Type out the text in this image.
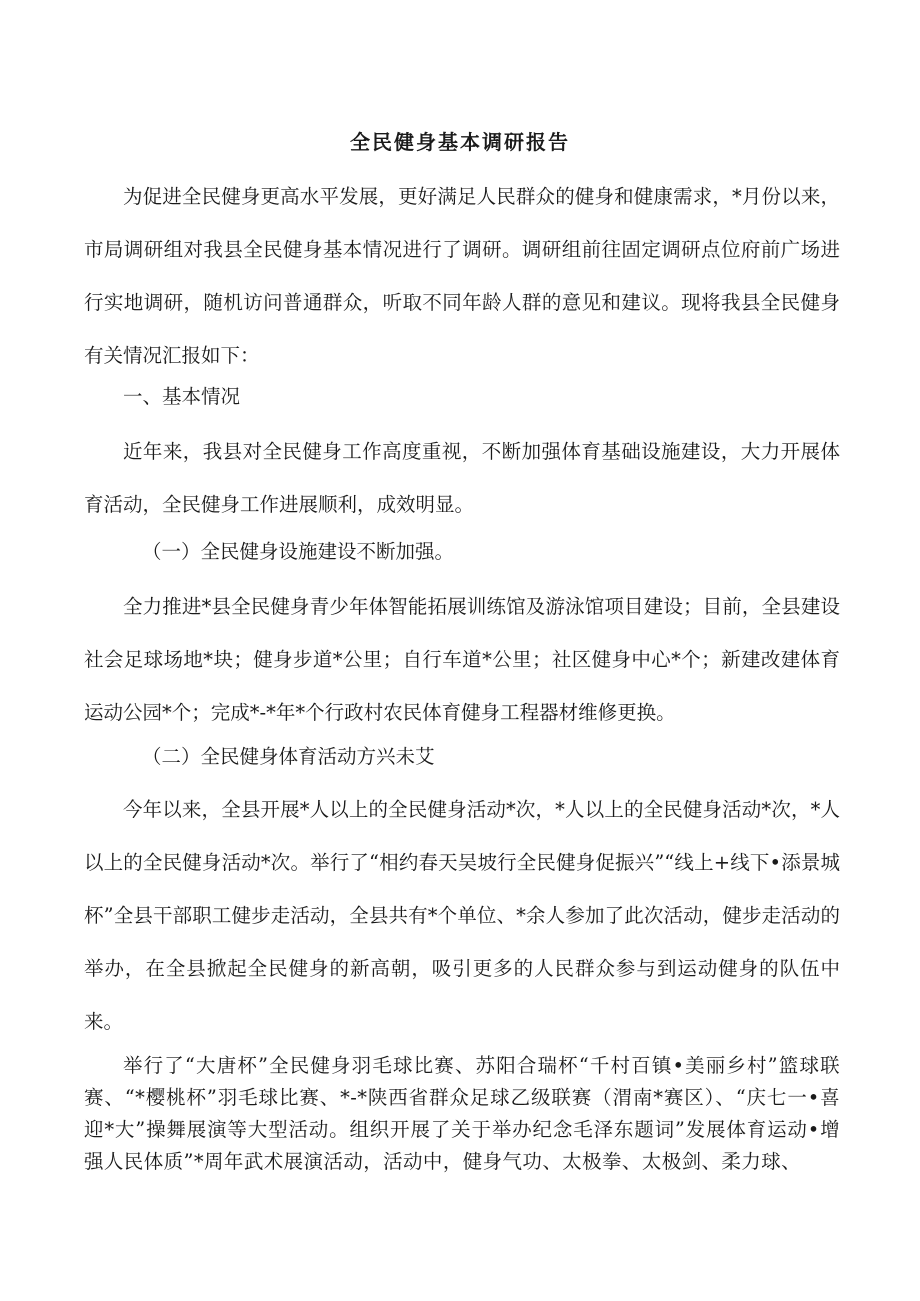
全民健身基本调研报告

为促进全民健身更高水平发展，更好满足人民群众的健身和健康需求，*月份以来，市局调研组对我县全民健身基本情况进行了调研。调研组前往固定调研点位府前广场进行实地调研，随机访问普通群众，听取不同年龄人群的意见和建议。现将我县全民健身有关情况汇报如下：

一、基本情况

近年来，我县对全民健身工作高度重视，不断加强体育基础设施建设，大力开展体育活动，全民健身工作进展顺利，成效明显。

（一）全民健身设施建设不断加强。

全力推进*县全民健身青少年体智能拓展训练馆及游泳馆项目建设；目前，全县建设社会足球场地*块；健身步道*公里；自行车道*公里；社区健身中心*个；新建改建体育运动公园*个；完成*-*年*个行政村农民体育健身工程器材维修更换。

（二）全民健身体育活动方兴未艾

今年以来，全县开展*人以上的全民健身活动*次，*人以上的全民健身活动*次，*人以上的全民健身活动*次。举行了“相约春天吴坡行全民健身促振兴”“线上+线下•添景城杯”全县干部职工健步走活动，全县共有*个单位、*余人参加了此次活动，健步走活动的举办，在全县掀起全民健身的新高朝，吸引更多的人民群众参与到运动健身的队伍中来。

举行了“大唐杯”全民健身羽毛球比赛、苏阳合瑞杯“千村百镇•美丽乡村”篮球联赛、“*樱桃杯”羽毛球比赛、*-*陕西省群众足球乙级联赛（渭南*赛区）、“庆七一•喜迎*大”操舞展演等大型活动。组织开展了关于举办纪念毛泽东题词”发展体育运动•增强人民体质”*周年武术展演活动，活动中，健身气功、太极拳、太极剑、柔力球、
